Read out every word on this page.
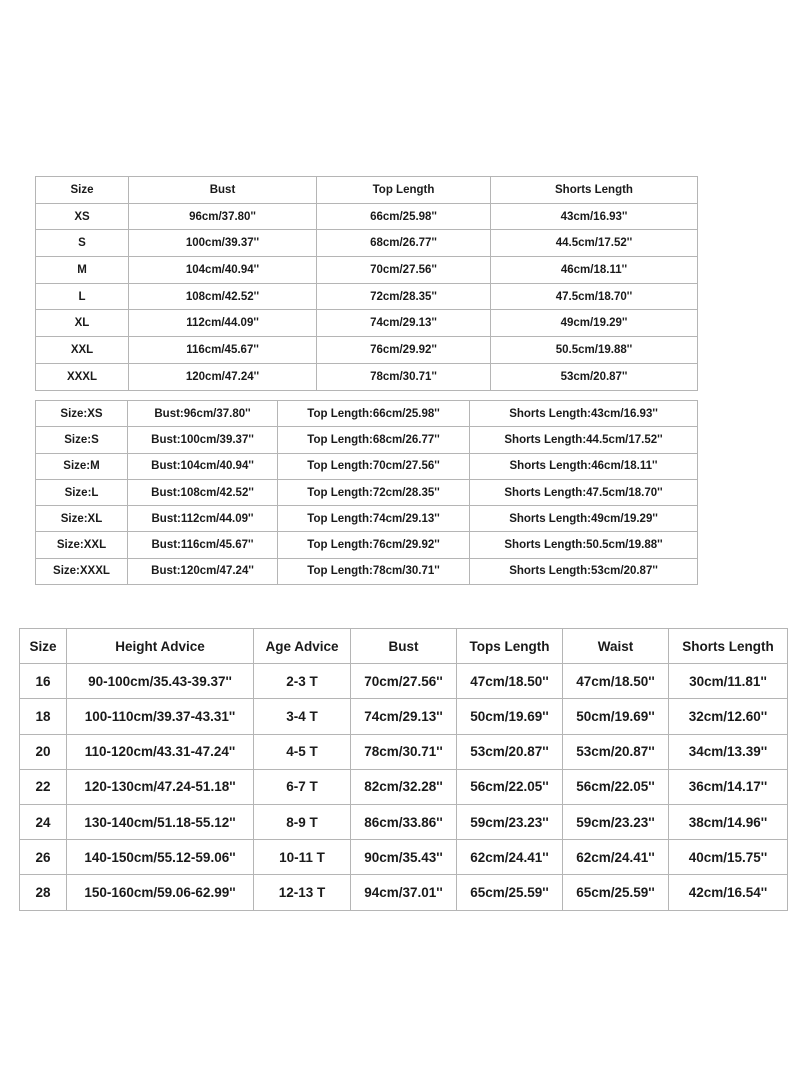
Size	Bust	Top Length	Shorts Length
XS	96cm/37.80''	66cm/25.98''	43cm/16.93''
S	100cm/39.37''	68cm/26.77''	44.5cm/17.52''
M	104cm/40.94''	70cm/27.56''	46cm/18.11''
L	108cm/42.52''	72cm/28.35''	47.5cm/18.70''
XL	112cm/44.09''	74cm/29.13''	49cm/19.29''
XXL	116cm/45.67''	76cm/29.92''	50.5cm/19.88''
XXXL	120cm/47.24''	78cm/30.71''	53cm/20.87''
Size:XS	Bust:96cm/37.80''	Top Length:66cm/25.98''	Shorts Length:43cm/16.93''
Size:S	Bust:100cm/39.37''	Top Length:68cm/26.77''	Shorts Length:44.5cm/17.52''
Size:M	Bust:104cm/40.94''	Top Length:70cm/27.56''	Shorts Length:46cm/18.11''
Size:L	Bust:108cm/42.52''	Top Length:72cm/28.35''	Shorts Length:47.5cm/18.70''
Size:XL	Bust:112cm/44.09''	Top Length:74cm/29.13''	Shorts Length:49cm/19.29''
Size:XXL	Bust:116cm/45.67''	Top Length:76cm/29.92''	Shorts Length:50.5cm/19.88''
Size:XXXL	Bust:120cm/47.24''	Top Length:78cm/30.71''	Shorts Length:53cm/20.87''
Size	Height Advice	Age Advice	Bust	Tops Length	Waist	Shorts Length
16	90-100cm/35.43-39.37''	2-3 T	70cm/27.56''	47cm/18.50''	47cm/18.50''	30cm/11.81''
18	100-110cm/39.37-43.31''	3-4 T	74cm/29.13''	50cm/19.69''	50cm/19.69''	32cm/12.60''
20	110-120cm/43.31-47.24''	4-5 T	78cm/30.71''	53cm/20.87''	53cm/20.87''	34cm/13.39''
22	120-130cm/47.24-51.18''	6-7 T	82cm/32.28''	56cm/22.05''	56cm/22.05''	36cm/14.17''
24	130-140cm/51.18-55.12''	8-9 T	86cm/33.86''	59cm/23.23''	59cm/23.23''	38cm/14.96''
26	140-150cm/55.12-59.06''	10-11 T	90cm/35.43''	62cm/24.41''	62cm/24.41''	40cm/15.75''
28	150-160cm/59.06-62.99''	12-13 T	94cm/37.01''	65cm/25.59''	65cm/25.59''	42cm/16.54''
